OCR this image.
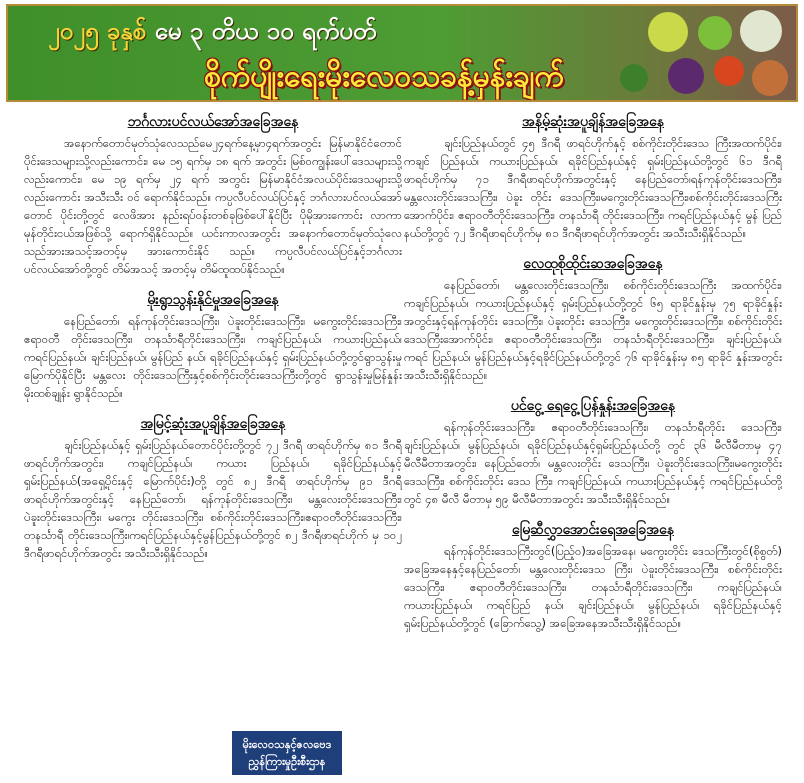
၂၀၂၅ ခုနှစ် မေ ၃ တိယ ၁၀ ရက်ပတ်
စိုက်ပျိုးရေးမိုးလေဝသခန့်မှန်းချက်
ဘင်္ဂလားပင်လယ်အော်အခြေအနေ
အနောက်တောင်မုတ်သုံလေသည်မေ၂၄ရက်နေ့မှာ၄ရက်အတွင်း မြန်မာနိုင်ငံတောင်ပိုင်းဒေသများသို့လည်းကောင်း၊ မေ ၁၅ ရက်မှ ၁၈ ရက် အတွင်း မြစ်ဝကျွန်းပေါ်ဒေသများသို့ လည်းကောင်း၊ မေ ၁၉ ရက်မှ ၂၄ ရက် အတွင်း မြန်မာနိုင်ငံအလယ်ပိုင်းဒေသများသို့လည်းကောင်း အသီးသီး ဝင် ရောက်နိုင်သည်။ ကပ္ပလီပင်လယ်ပြင်နှင့် ဘင်္ဂလားပင်လယ်အော် တောင် ပိုင်းတို့တွင် လေဖိအား နည်းရပ်ဝန်းတစ်ခုဖြစ်ပေါ်နိုင်ပြီး ပိုမိုအားကောင်း လာကာ မုန်တိုင်းငယ်အဖြစ်သို့ ရောက်ရှိနိုင်သည်။ ယင်းကာလအတွင်း အနောက်တောင်မုတ်သုံလေသည်အားအသင့်အတင့်မှ အားကောင်းနိုင် သည်။ ကပ္ပလီပင်လယ်ပြင်နှင့်ဘင်္ဂလားပင်လယ်အော်တို့တွင် တိမ်အသင့် အတင့်မှ တိမ်ထူထပ်နိုင်သည်။
မိုးရွာသွန်းနိုင်မှုအခြေအနေ
နေပြည်တော်၊ ရန်ကုန်တိုင်းဒေသကြီး၊ ပဲခူးတိုင်းဒေသကြီး၊ မကွေးတိုင်းဒေသကြီး၊ ဧရာဝတီ တိုင်းဒေသကြီး၊ တနင်္သာရီတိုင်းဒေသကြီး၊ ကချင်ပြည်နယ်၊ ကယားပြည်နယ်၊ ကရင်ပြည်နယ်၊ ချင်းပြည်နယ်၊ မွန်ပြည် နယ်၊ ရခိုင်ပြည်နယ်နှင့် ရှမ်းပြည်နယ်တို့တွင်ရွာသွန်းမှုမြောက်ပိုနိုင်ပြီး မန္တလေး တိုင်းဒေသကြီးနှင့်စစ်ကိုင်းတိုင်းဒေသကြီးတို့တွင် ရွာသွန်းမှုမြန်နှုန်း မိုးထစ်ချုန်း ရွာနိုင်သည်။
အမြင့်ဆုံးအပူချိန်အခြေအနေ
ချင်းပြည်နယ်နှင့် ရှမ်းပြည်နယ်တောင်ပိုင်းတို့တွင် ၇၂ ဒီဂရီ ဖာရင်ဟိုက်မှ ၈၁ ဒီဂရီ ဖာရင်ဟိုက်အတွင်း၊ ကချင်ပြည်နယ်၊ ကယား ပြည်နယ်၊ ရခိုင်ပြည်နယ်နှင့် ရှမ်းပြည်နယ်(အရှေ့ပိုင်းနှင့် မြောက်ပိုင်း)တို့ တွင် ၈၂ ဒီဂရီ ဖာရင်ဟိုက်မှ ၉၁ ဒီဂရီဖာရင်ဟိုက်အတွင်းနှင့် နေပြည်တော်၊ ရန်ကုန်တိုင်းဒေသကြီး၊ မန္တလေးတိုင်းဒေသကြီး၊ ပဲခူးတိုင်းဒေသကြီး၊ မကွေး တိုင်းဒေသကြီး၊ စစ်ကိုင်းတိုင်းဒေသကြီး၊ဧရာဝတီတိုင်းဒေသကြီး၊တနင်္သာရီ တိုင်းဒေသကြီး၊ကရင်ပြည်နယ်နှင့်မွန်ပြည်နယ်တို့တွင် ၈၂ ဒီဂရီဖာရင်ဟိုက် မှ ၁၀၂ ဒီဂရီဖာရင်ဟိုက်အတွင်း အသီးသီးရှိနိုင်သည်။
အနိမ့်ဆုံးအပူချိန်အခြေအနေ
ချင်းပြည်နယ်တွင် ၄၅ ဒီဂရီ ဖာရင်ဟိုက်နှင့် စစ်ကိုင်းတိုင်းဒေသ ကြီးအထက်ပိုင်း၊ ကချင် ပြည်နယ်၊ ကယားပြည်နယ်၊ ရခိုင်ပြည်နယ်နှင့် ရှမ်းပြည်နယ်တို့တွင် ၆၁ ဒီဂရီဖာရင်ဟိုက်မှ ၇၁ ဒီဂရီဖာရင်ဟိုက်အတွင်းနှင့် နေပြည်တော်၊ရန်ကုန်တိုင်းဒေသကြီး၊ မန္တလေးတိုင်းဒေသကြီး၊ ပဲခူး တိုင်း ဒေသကြီး၊မကွေးတိုင်းဒေသကြီး၊စစ်ကိုင်းတိုင်းဒေသကြီးအောက်ပိုင်း၊ ဧရာဝတီတိုင်းဒေသကြီး၊ တနင်္သာရီ တိုင်းဒေသကြီး၊ ကရင်ပြည်နယ်နှင့် မွန် ပြည် နယ်တို့တွင် ၇၂ ဒီဂရီဖာရင်ဟိုက်မှ ၈၁ ဒီဂရီဖာရင်ဟိုက်အတွင်း အသီးသီးရှိနိုင်သည်။
လေထုစိုထိုင်းဆအခြေအနေ
နေပြည်တော်၊ မန္တလေးတိုင်းဒေသကြီး၊ စစ်ကိုင်းတိုင်းဒေသကြီး အထက်ပိုင်း၊ ကချင်ပြည်နယ်၊ ကယားပြည်နယ်နှင့် ရှမ်းပြည်နယ်တို့တွင် ၆၅ ရာခိုင်နှုန်းမှ ၇၅ ရာခိုင်နှုန်းအတွင်းနှင့်ရန်ကုန်တိုင်း ဒေသကြီး၊ ပဲခူးတိုင်း ဒေသကြီး၊ မကွေးတိုင်းဒေသကြီး၊ စစ်ကိုင်းတိုင်းဒေသကြီးအောက်ပိုင်း၊ ဧရာဝတီတိုင်းဒေသကြီး၊ တနင်္သာရီတိုင်းဒေသကြီး၊ ချင်းပြည်နယ်၊ ကရင် ပြည်နယ်၊ မွန်ပြည်နယ်နှင့်ရခိုင်ပြည်နယ်တို့တွင် ၇၆ ရာခိုင်နှုန်းမှ ၈၅ ရာခိုင် နှုန်းအတွင်းအသီးသီးရှိနိုင်သည်။
ပင်ငွေ့ ရေငွေ့ပြန်နှုန်းအခြေအနေ
ရန်ကုန်တိုင်းဒေသကြီး၊ ဧရာဝတီတိုင်းဒေသကြီး၊ တနင်္သာရီတိုင်း ဒေသကြီး၊ ချင်းပြည်နယ်၊ မွန်ပြည်နယ်၊ ရခိုင်ပြည်နယ်နှင့်ရှမ်းပြည်နယ်တို့ တွင် ၃၆ မီလီမီတာမှ ၄၇ မီလီမီတာအတွင်း၊ နေပြည်တော်၊ မန္တလေးတိုင်း ဒေသကြီး၊ ပဲခူးတိုင်းဒေသကြီး၊မကွေးတိုင်းဒေသကြီး၊ စစ်ကိုင်းတိုင်း ဒေသ ကြီး၊ ကချင်ပြည်နယ်၊ ကယားပြည်နယ်နှင့် ကရင်ပြည်နယ်တို့တွင် ၄၈ မီလီ မီတာမှ ၅၉ မီလီမီတာအတွင်း အသီးသီးရှိနိုင်သည်။
မြေဆီလွှာအောင်းရေအခြေအနေ
ရန်ကုန်တိုင်းဒေသကြီးတွင်(ပြည့်ဝ)အခြေအနေ၊ မကွေးတိုင်း ဒေသကြီးတွင်(စိုစွတ်) အခြေအနေနှင့်နေပြည်တော်၊ မန္တလေးတိုင်းဒေသ ကြီး၊ ပဲခူးတိုင်းဒေသကြီး၊ စစ်ကိုင်းတိုင်းဒေသကြီး၊ ဧရာဝတီတိုင်းဒေသကြီး၊ တနင်္သာရီတိုင်းဒေသကြီး၊ ကချင်ပြည်နယ်၊ ကယားပြည်နယ်၊ ကရင်ပြည် နယ်၊ ချင်းပြည်နယ်၊ မွန်ပြည်နယ်၊ ရခိုင်ပြည်နယ်နှင့် ရှမ်းပြည်နယ်တို့တွင် (ခြောက်သွေ့) အခြေအနေအသီးသီးရှိနိုင်သည်။
မိုးလေဝသနှင့်ဇလဗေဒ
ညွှန်ကြားမှုဦးစီးဌာန
